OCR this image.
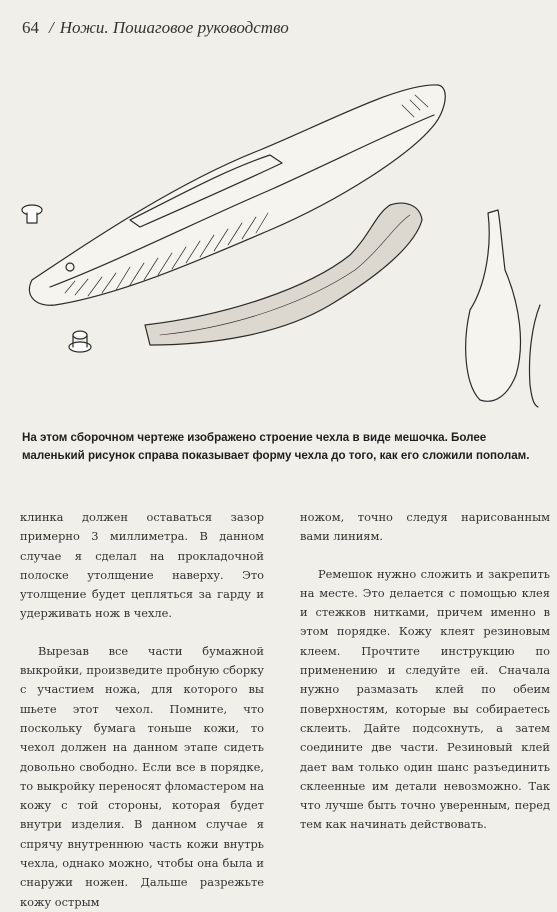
64 / Ножи. Пошаговое руководство
На этом сборочном чертеже изображено строение чехла в виде мешочка. Более маленький рисунок справа показывает форму чехла до того, как его сложили пополам.

клинка должен оставаться зазор примерно 3 миллиметра. В данном случае я сделал на прокладочной полоске утолщение наверху. Это утолщение будет цепляться за гарду и удерживать нож в чехле.

Вырезав все части бумажной выкройки, произведите пробную сборку с участием ножа, для которого вы шьете этот чехол. Помните, что поскольку бумага тоньше кожи, то чехол должен на данном этапе сидеть довольно свободно. Если все в порядке, то выкройку переносят фломастером на кожу с той стороны, которая будет внутри изделия. В данном случае я спрячу внутреннюю часть кожи внутрь чехла, однако можно, чтобы она была и снаружи ножен. Дальше разрежьте кожу острым

ножом, точно следуя нарисованным вами линиям.

Ремешок нужно сложить и закрепить на месте. Это делается с помощью клея и стежков нитками, причем именно в этом порядке. Кожу клеят резиновым клеем. Прочтите инструкцию по применению и следуйте ей. Сначала нужно размазать клей по обеим поверхностям, которые вы собираетесь склеить. Дайте подсохнуть, а затем соедините две части. Резиновый клей дает вам только один шанс разъединить склеенные им детали невозможно. Так что лучше быть точно уверенным, перед тем как начинать действовать.
